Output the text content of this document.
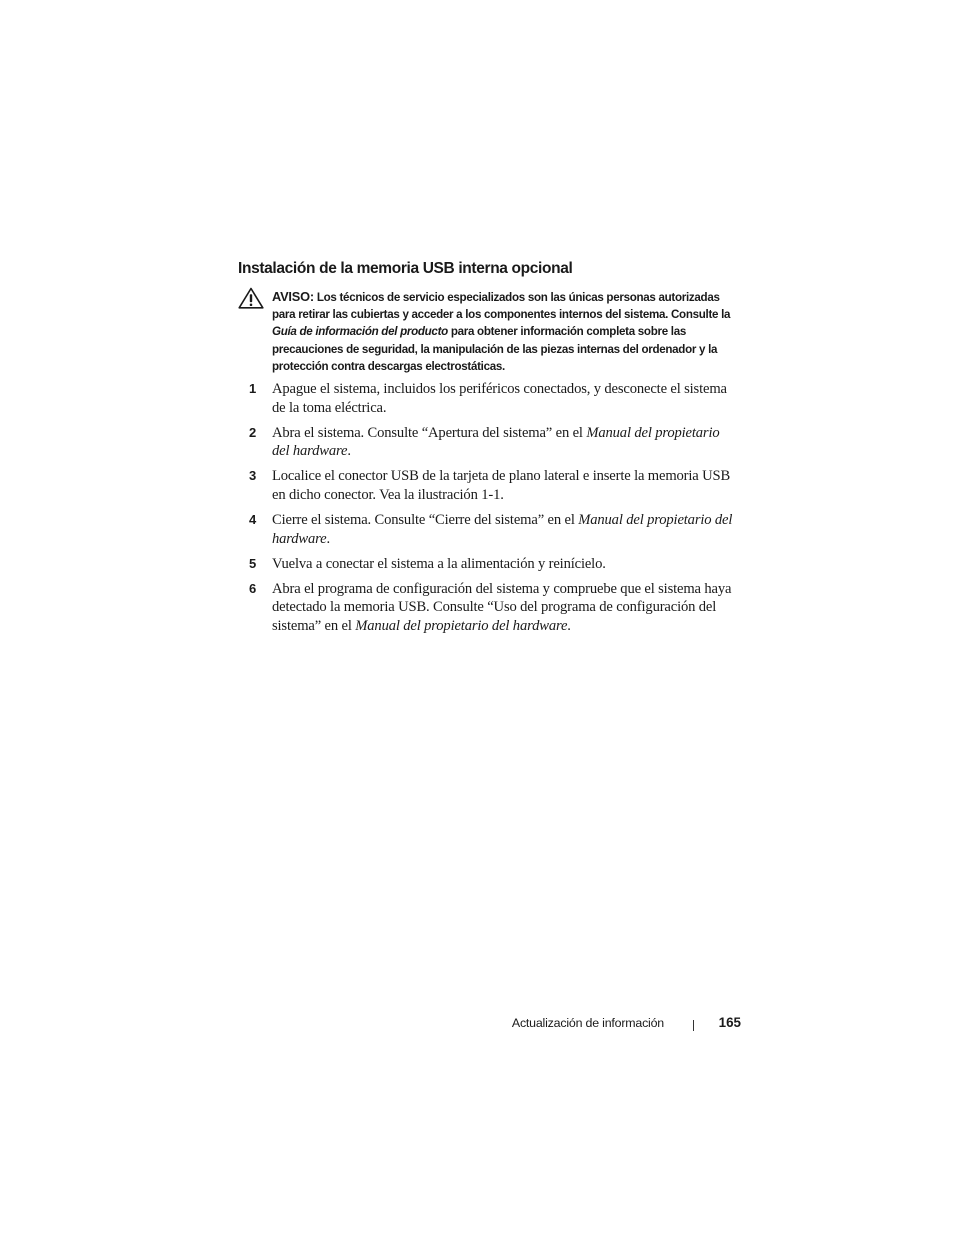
Instalación de la memoria USB interna opcional
AVISO: Los técnicos de servicio especializados son las únicas personas autorizadas para retirar las cubiertas y acceder a los componentes internos del sistema. Consulte la Guía de información del producto para obtener información completa sobre las precauciones de seguridad, la manipulación de las piezas internas del ordenador y la protección contra descargas electrostáticas.
1 Apague el sistema, incluidos los periféricos conectados, y desconecte el sistema de la toma eléctrica.
2 Abra el sistema. Consulte “Apertura del sistema” en el Manual del propietario del hardware.
3 Localice el conector USB de la tarjeta de plano lateral e inserte la memoria USB en dicho conector. Vea la ilustración 1-1.
4 Cierre el sistema. Consulte “Cierre del sistema” en el Manual del propietario del hardware.
5 Vuelva a conectar el sistema a la alimentación y reinícielo.
6 Abra el programa de configuración del sistema y compruebe que el sistema haya detectado la memoria USB. Consulte “Uso del programa de configuración del sistema” en el Manual del propietario del hardware.
Actualización de información	165
